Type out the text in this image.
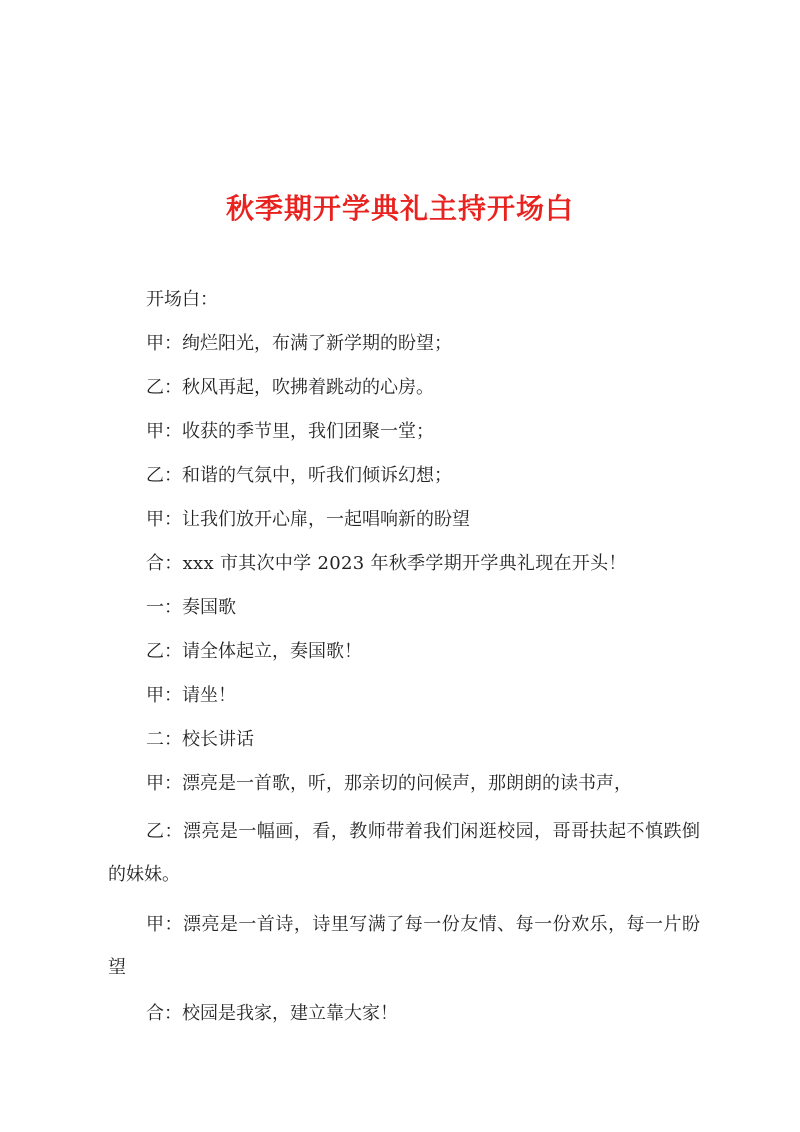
秋季期开学典礼主持开场白

开场白：

甲：绚烂阳光，布满了新学期的盼望；

乙：秋风再起，吹拂着跳动的心房。

甲：收获的季节里，我们团聚一堂；

乙：和谐的气氛中，听我们倾诉幻想；

甲：让我们放开心扉，一起唱响新的盼望

合：xxx 市其次中学 2023 年秋季学期开学典礼现在开头！

一：奏国歌

乙：请全体起立，奏国歌！

甲：请坐！

二：校长讲话

甲：漂亮是一首歌，听，那亲切的问候声，那朗朗的读书声，

乙：漂亮是一幅画，看，教师带着我们闲逛校园，哥哥扶起不慎跌倒的妹妹。

甲：漂亮是一首诗，诗里写满了每一份友情、每一份欢乐，每一片盼望

合：校园是我家，建立靠大家！
